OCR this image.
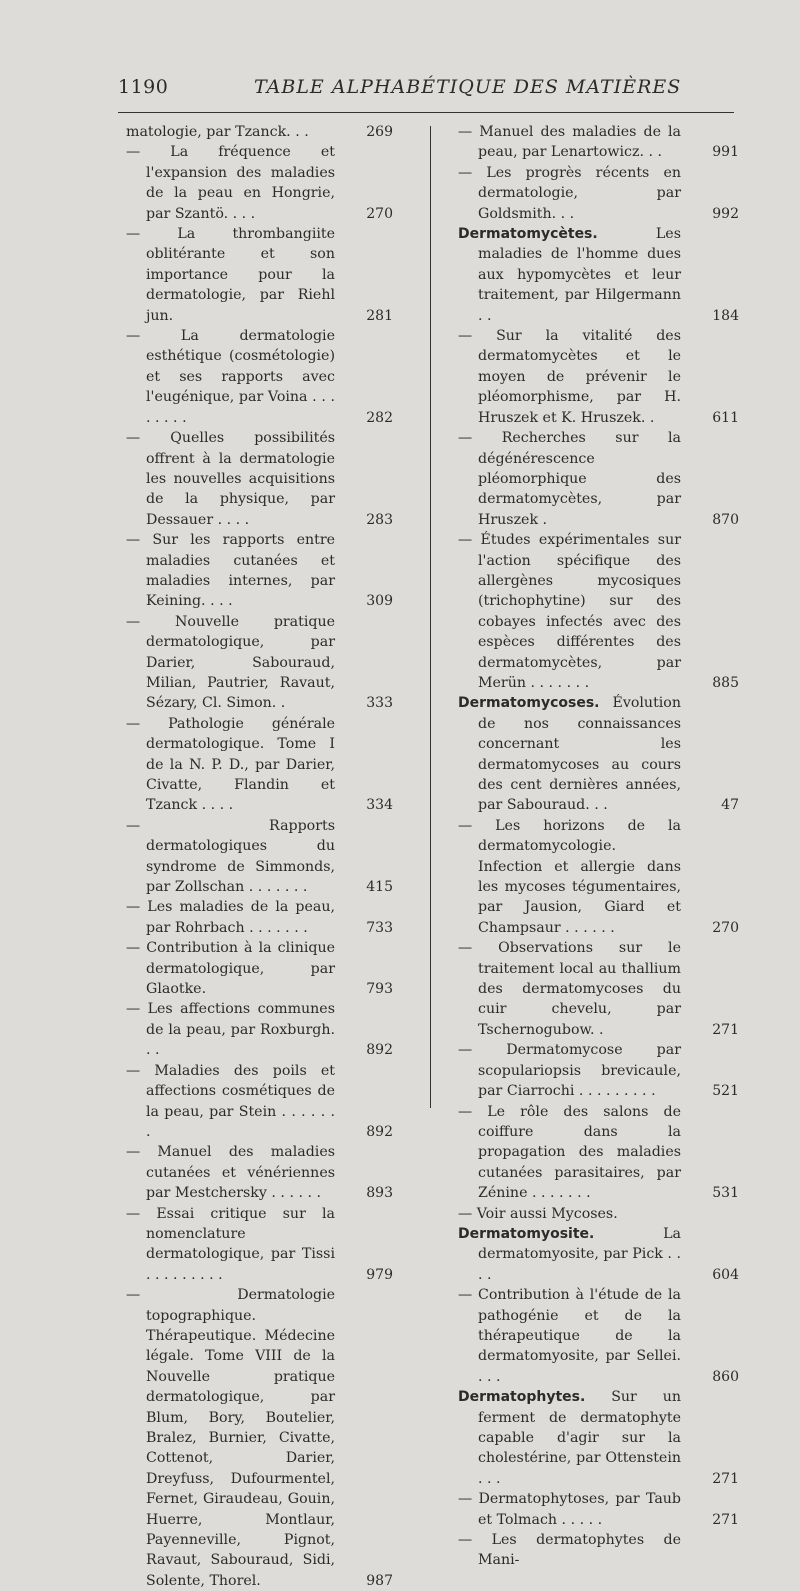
1190	TABLE ALPHABÉTIQUE DES MATIÈRES
matologie, par Tzanck. . .	269
— La fréquence et l'expansion des maladies de la peau en Hongrie, par Szantö. . . .	270
— La thrombangiite oblitérante et son importance pour la dermatologie, par Riehl jun.	281
— La dermatologie esthétique (cosmétologie) et ses rapports avec l'eugénique, par Voina . . . . . . . .	282
— Quelles possibilités offrent à la dermatologie les nouvelles acquisitions de la physique, par Dessauer . . . .	283
— Sur les rapports entre maladies cutanées et maladies internes, par Keining. . . .	309
— Nouvelle pratique dermatologique, par Darier, Sabouraud, Milian, Pautrier, Ravaut, Sézary, Cl. Simon. .	333
— Pathologie générale dermatologique. Tome I de la N. P. D., par Darier, Civatte, Flandin et Tzanck . . . .	334
— Rapports dermatologiques du syndrome de Simmonds, par Zollschan . . . . . . .	415
— Les maladies de la peau, par Rohrbach . . . . . . .	733
— Contribution à la clinique dermatologique, par Glaotke.	793
— Les affections communes de la peau, par Roxburgh. . .	892
— Maladies des poils et affections cosmétiques de la peau, par Stein . . . . . . .	892
— Manuel des maladies cutanées et vénériennes par Mestchersky . . . . . .	893
— Essai critique sur la nomenclature dermatologique, par Tissi . . . . . . . . .	979
— Dermatologie topographique. Thérapeutique. Médecine légale. Tome VIII de la Nouvelle pratique dermatologique, par Blum, Bory, Boutelier, Bralez, Burnier, Civatte, Cottenot, Darier, Dreyfuss, Dufourmentel, Fernet, Giraudeau, Gouin, Huerre, Montlaur, Payenneville, Pignot, Ravaut, Sabouraud, Sidi, Solente, Thorel.	987
— Manuel des maladies de la peau, par Lenartowicz. . .	991
— Les progrès récents en dermatologie, par Goldsmith. . .	992
Dermatomycètes.	Les maladies de l'homme dues aux hypomycètes et leur traitement, par Hilgermann . .	184
— Sur la vitalité des dermatomycètes et le moyen de prévenir le pléomorphisme, par H. Hruszek et K. Hruszek. .	611
— Recherches sur la dégénérescence pléomorphique des dermatomycètes, par Hruszek .	870
— Études expérimentales sur l'action spécifique des allergènes mycosiques (trichophytine) sur des cobayes infectés avec des espèces différentes des dermatomycètes, par Merün . . . . . . .	885
Dermatomycoses. Évolution de nos connaissances concernant les dermatomycoses au cours des cent dernières années, par Sabouraud. . .	47
— Les horizons de la dermatomycologie. Infection et allergie dans les mycoses tégumentaires, par Jausion, Giard et Champsaur . . . . . .	270
— Observations sur le traitement local au thallium des dermatomycoses du cuir chevelu, par Tschernogubow. .	271
— Dermatomycose par scopulariopsis brevicaule, par Ciarrochi . . . . . . . . .	521
— Le rôle des salons de coiffure dans la propagation des maladies cutanées parasitaires, par Zénine . . . . . . .	531
— Voir aussi Mycoses.
Dermatomyosite.	La dermatomyosite, par Pick . . . .	604
— Contribution à l'étude de la pathogénie et de la thérapeutique de la dermatomyosite, par Sellei. . . .	860
Dermatophytes. Sur un ferment de dermatophyte capable d'agir sur la cholestérine, par Ottenstein . . .	271
— Dermatophytoses, par Taub et Tolmach . . . . .	271
— Les dermatophytes de Mani-
